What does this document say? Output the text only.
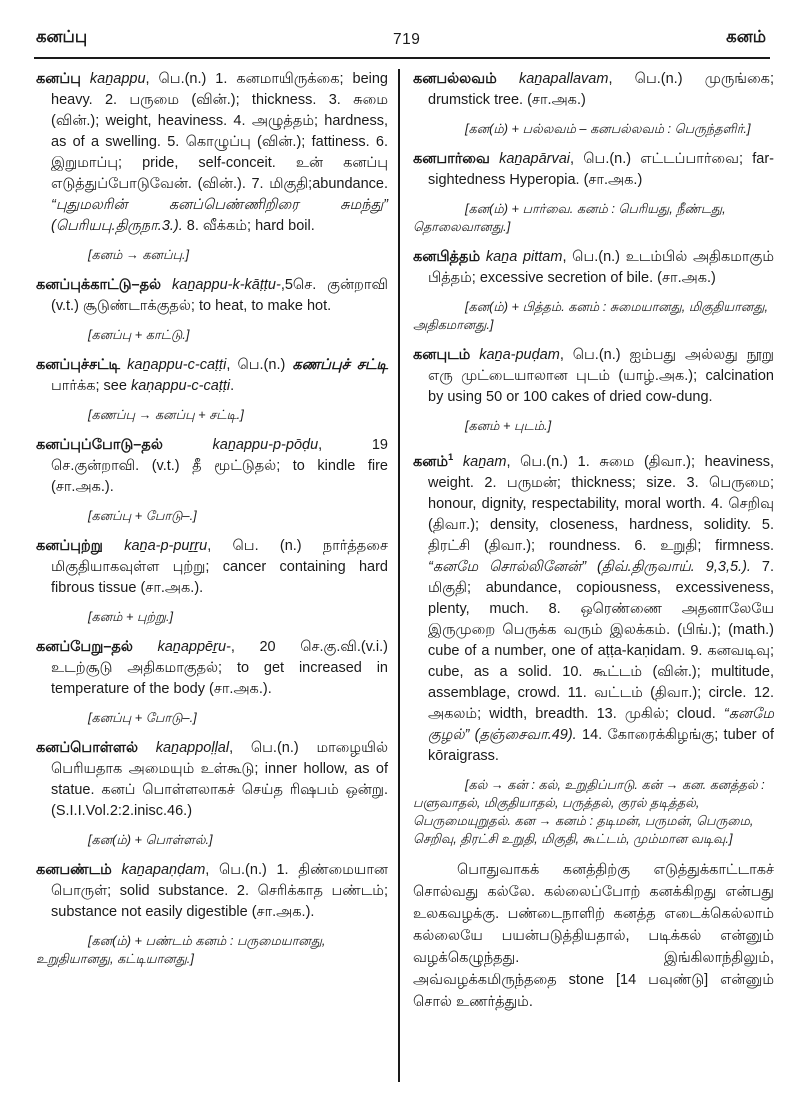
கனப்பு	719	கனம்

கனப்பு kaṉappu, பெ.(n.) 1. கனமாயிருக்கை; being heavy. 2. பருமை (வின்.); thickness. 3. சுமை (வின்.); weight, heaviness. 4. அழுத்தம்; hardness, as of a swelling. 5. கொழுப்பு (வின்.); fattiness. 6. இறுமாப்பு; pride, self-conceit. உன் கனப்பு எடுத்துப்போடுவேன். (வின்.). 7. மிகுதி;abundance. “புதுமலரின் கனப்பெண்ணிறிரை சுமந்து” (பெரியபு.திருநா.3.). 8. வீக்கம்; hard boil.

[கனம் → கனப்பு.]

கனப்புக்காட்டு–தல் kaṉappu-k-kāṭṭu-,5செ. குன்றாவி (v.t.) சூடுண்டாக்குதல்; to heat, to make hot.

[கனப்பு + காட்டு.]

கனப்புச்சட்டி kaṉappu-c-caṭṭi, பெ.(n.) கணப்புச் சட்டி பார்க்க; see kaṇappu-c-caṭṭi.

[கணப்பு → கனப்பு + சட்டி.]

கனப்புப்போடு–தல் kaṉappu-p-pōḍu, 19 செ.குன்றாவி. (v.t.) தீ மூட்டுதல்; to kindle fire (சா.அக.).

[கனப்பு + போடு–.]

கனப்புற்று kaṉa-p-puṟṟu, பெ. (n.) நார்த்தசை மிகுதியாகவுள்ள புற்று; cancer containing hard fibrous tissue (சா.அக.).

[கனம் + புற்று.]

கனப்பேறு–தல் kaṉappēṟu-, 20 செ.கு.வி.(v.i.) உடற்சூடு அதிகமாகுதல்; to get increased in temperature of the body (சா.அக.).

[கனப்பு + போடு–.]

கனப்பொள்ளல் kaṉappoḷḷal, பெ.(n.) மாழையில் பெரியதாக அமையும் உள்கூடு; inner hollow, as of statue. கனப் பொள்ளலாகச் செய்த ரிஷபம் ஒன்று. (S.I.I.Vol.2:2.inisc.46.)

[கன(ம்) + பொள்ளல்.]

கனபண்டம் kaṉapaṇḍam, பெ.(n.) 1. திண்மையான பொருள்; solid substance. 2. செரிக்காத பண்டம்; substance not easily digestible (சா.அக.).

[கன(ம்) + பண்டம் கனம் : பருமையானது, உறுதியானது, கட்டியானது.]

கனபல்லவம் kaṉapallavam, பெ.(n.) முருங்கை; drumstick tree. (சா.அக.)

[கன(ம்) + பல்லவம் – கனபல்லவம் : பெருந்தளிர்.]

கனபார்வை kaṉapārvai, பெ.(n.) எட்டப்பார்வை; far-sightedness Hyperopia. (சா.அக.)

[கன(ம்) + பார்வை. கனம் : பெரியது, நீண்டது, தொலைவானது.]

கனபித்தம் kaṉa pittam, பெ.(n.) உடம்பில் அதிகமாகும் பித்தம்; excessive secretion of bile. (சா.அக.)

[கன(ம்) + பித்தம். கனம் : சுமையானது, மிகுதியானது, அதிகமானது.]

கனபுடம் kaṉa-puḍam, பெ.(n.) ஐம்பது அல்லது நூறு எரு முட்டையாலான புடம் (யாழ்.அக.); calcination by using 50 or 100 cakes of dried cow-dung.

[கனம் + புடம்.]

கனம்$^1$ kaṉam, பெ.(n.) 1. சுமை (திவா.); heaviness, weight. 2. பருமன்; thickness; size. 3. பெருமை; honour, dignity, respectability, moral worth. 4. செறிவு (திவா.); density, closeness, hardness, solidity. 5. திரட்சி (திவா.); roundness. 6. உறுதி; firmness. “கனமே சொல்லினேன்” (திவ்.திருவாய். 9,3,5.). 7. மிகுதி; abundance, copiousness, excessiveness, plenty, much. 8. ஒரெண்ணை அதனாலேயே இருமுறை பெருக்க வரும் இலக்கம். (பிங்.); (math.) cube of a number, one of aṭṭa-kaṇidam. 9. கனவடிவு; cube, as a solid. 10. கூட்டம் (வின்.); multitude, assemblage, crowd. 11. வட்டம் (திவா.); circle. 12. அகலம்; width, breadth. 13. முகில்; cloud. “கனமே குழல்” (தஞ்சைவா.49). 14. கோரைக்கிழங்கு; tuber of kōraigrass.

[கல் → கன் : கல், உறுதிப்பாடு. கன் → கன. கனத்தல் : பளுவாதல், மிகுதியாதல், பருத்தல், குரல் தடித்தல், பெருமையுறுதல். கன → கனம் : தடிமன், பருமன், பெருமை, செறிவு, திரட்சி உறுதி, மிகுதி, கூட்டம், மும்மான வடிவு.]

பொதுவாகக் கனத்திற்கு எடுத்துக்காட்டாகச் சொல்வது கல்லே. கல்லைப்போற் கனக்கிறது என்பது உலகவழக்கு. பண்டைநாளிற் கனத்த எடைக்கெல்லாம் கல்லையே பயன்படுத்தியதால், படிக்கல் என்னும் வழக்கெழுந்தது. இங்கிலாந்திலும், அவ்வழக்கமிருந்ததை stone [14 பவுண்டு] என்னும் சொல் உணர்த்தும்.
